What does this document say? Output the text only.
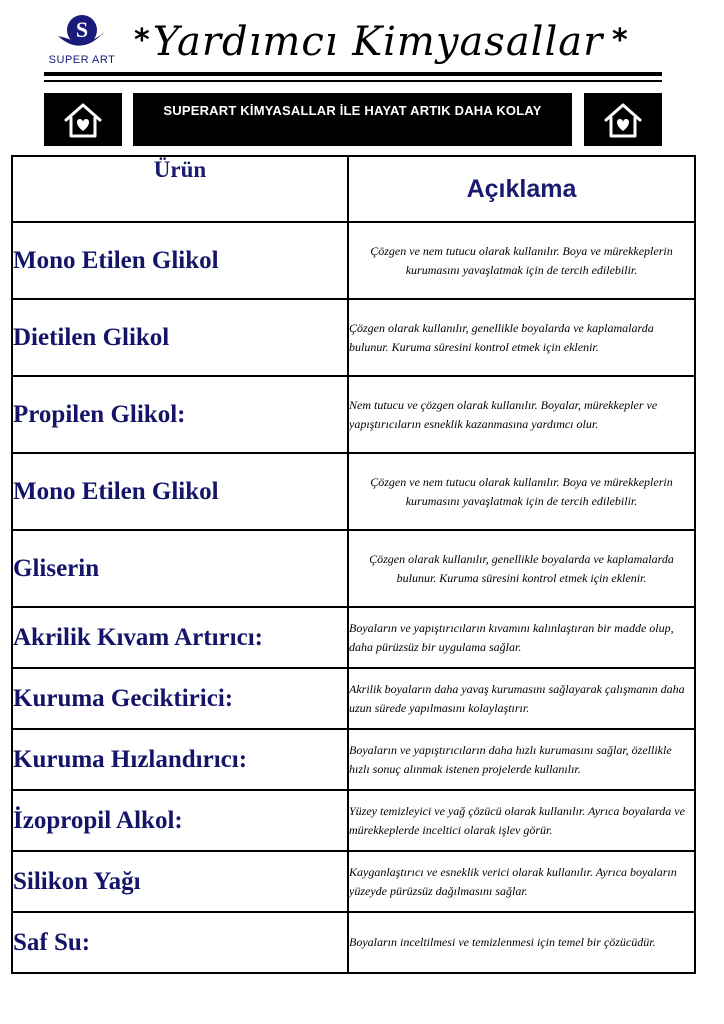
S
SUPER ART
* Yardımcı Kimyasallar *
SUPERART KİMYASALLAR İLE HAYAT ARTIK DAHA KOLAY
Ürün	Açıklama
Mono Etilen Glikol	Çözgen ve nem tutucu olarak kullanılır. Boya ve mürekkeplerin kurumasını yavaşlatmak için de tercih edilebilir.
Dietilen Glikol	Çözgen olarak kullanılır, genellikle boyalarda ve kaplamalarda bulunur. Kuruma süresini kontrol etmek için eklenir.
Propilen Glikol:	Nem tutucu ve çözgen olarak kullanılır. Boyalar, mürekkepler ve yapıştırıcıların esneklik kazanmasına yardımcı olur.
Mono Etilen Glikol	Çözgen ve nem tutucu olarak kullanılır. Boya ve mürekkeplerin kurumasını yavaşlatmak için de tercih edilebilir.
Gliserin	Çözgen olarak kullanılır, genellikle boyalarda ve kaplamalarda bulunur. Kuruma süresini kontrol etmek için eklenir.
Akrilik Kıvam Artırıcı:	Boyaların ve yapıştırıcıların kıvamını kalınlaştıran bir madde olup, daha pürüzsüz bir uygulama sağlar.
Kuruma Geciktirici:	Akrilik boyaların daha yavaş kurumasını sağlayarak çalışmanın daha uzun sürede yapılmasını kolaylaştırır.
Kuruma Hızlandırıcı:	Boyaların ve yapıştırıcıların daha hızlı kurumasını sağlar, özellikle hızlı sonuç alınmak istenen projelerde kullanılır.
İzopropil Alkol:	Yüzey temizleyici ve yağ çözücü olarak kullanılır. Ayrıca boyalarda ve mürekkeplerde inceltici olarak işlev görür.
Silikon Yağı	Kayganlaştırıcı ve esneklik verici olarak kullanılır. Ayrıca boyaların yüzeyde pürüzsüz dağılmasını sağlar.
Saf Su:	Boyaların inceltilmesi ve temizlenmesi için temel bir çözücüdür.
